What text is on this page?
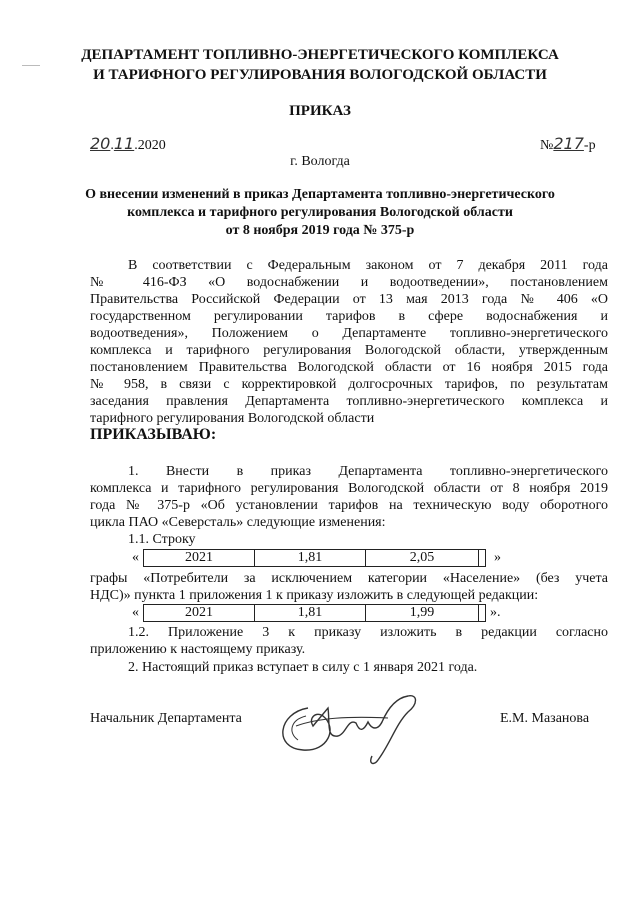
ДЕПАРТАМЕНТ ТОПЛИВНО-ЭНЕРГЕТИЧЕСКОГО КОМПЛЕКСА
И ТАРИФНОГО РЕГУЛИРОВАНИЯ ВОЛОГОДСКОЙ ОБЛАСТИ
ПРИКАЗ
20.11.2020	№217-р
г. Вологда
О внесении изменений в приказ Департамента топливно-энергетического
комплекса и тарифного регулирования Вологодской области
от 8 ноября 2019 года № 375-р
В соответствии с Федеральным законом от 7 декабря 2011 года
№ 416-ФЗ «О водоснабжении и водоотведении», постановлением
Правительства Российской Федерации от 13 мая 2013 года № 406 «О
государственном регулировании тарифов в сфере водоснабжения и
водоотведения», Положением о Департаменте топливно-энергетического
комплекса и тарифного регулирования Вологодской области, утвержденным
постановлением Правительства Вологодской области от 16 ноября 2015 года
№ 958, в связи с корректировкой долгосрочных тарифов, по результатам
заседания правления Департамента топливно-энергетического комплекса и
тарифного регулирования Вологодской области
ПРИКАЗЫВАЮ:
1. Внести в приказ Департамента топливно-энергетического
комплекса и тарифного регулирования Вологодской области от 8 ноября 2019
года № 375-р «Об установлении тарифов на техническую воду оборотного
цикла ПАО «Северсталь» следующие изменения:
1.1. Строку
«	2021	1,81	2,05		»
графы «Потребители за исключением категории «Население» (без учета
НДС)» пункта 1 приложения 1 к приказу изложить в следующей редакции:
«	2021	1,81	1,99		».
1.2. Приложение 3 к приказу изложить в редакции согласно
приложению к настоящему приказу.
2. Настоящий приказ вступает в силу с 1 января 2021 года.
Начальник Департамента	Е.М. Мазанова
